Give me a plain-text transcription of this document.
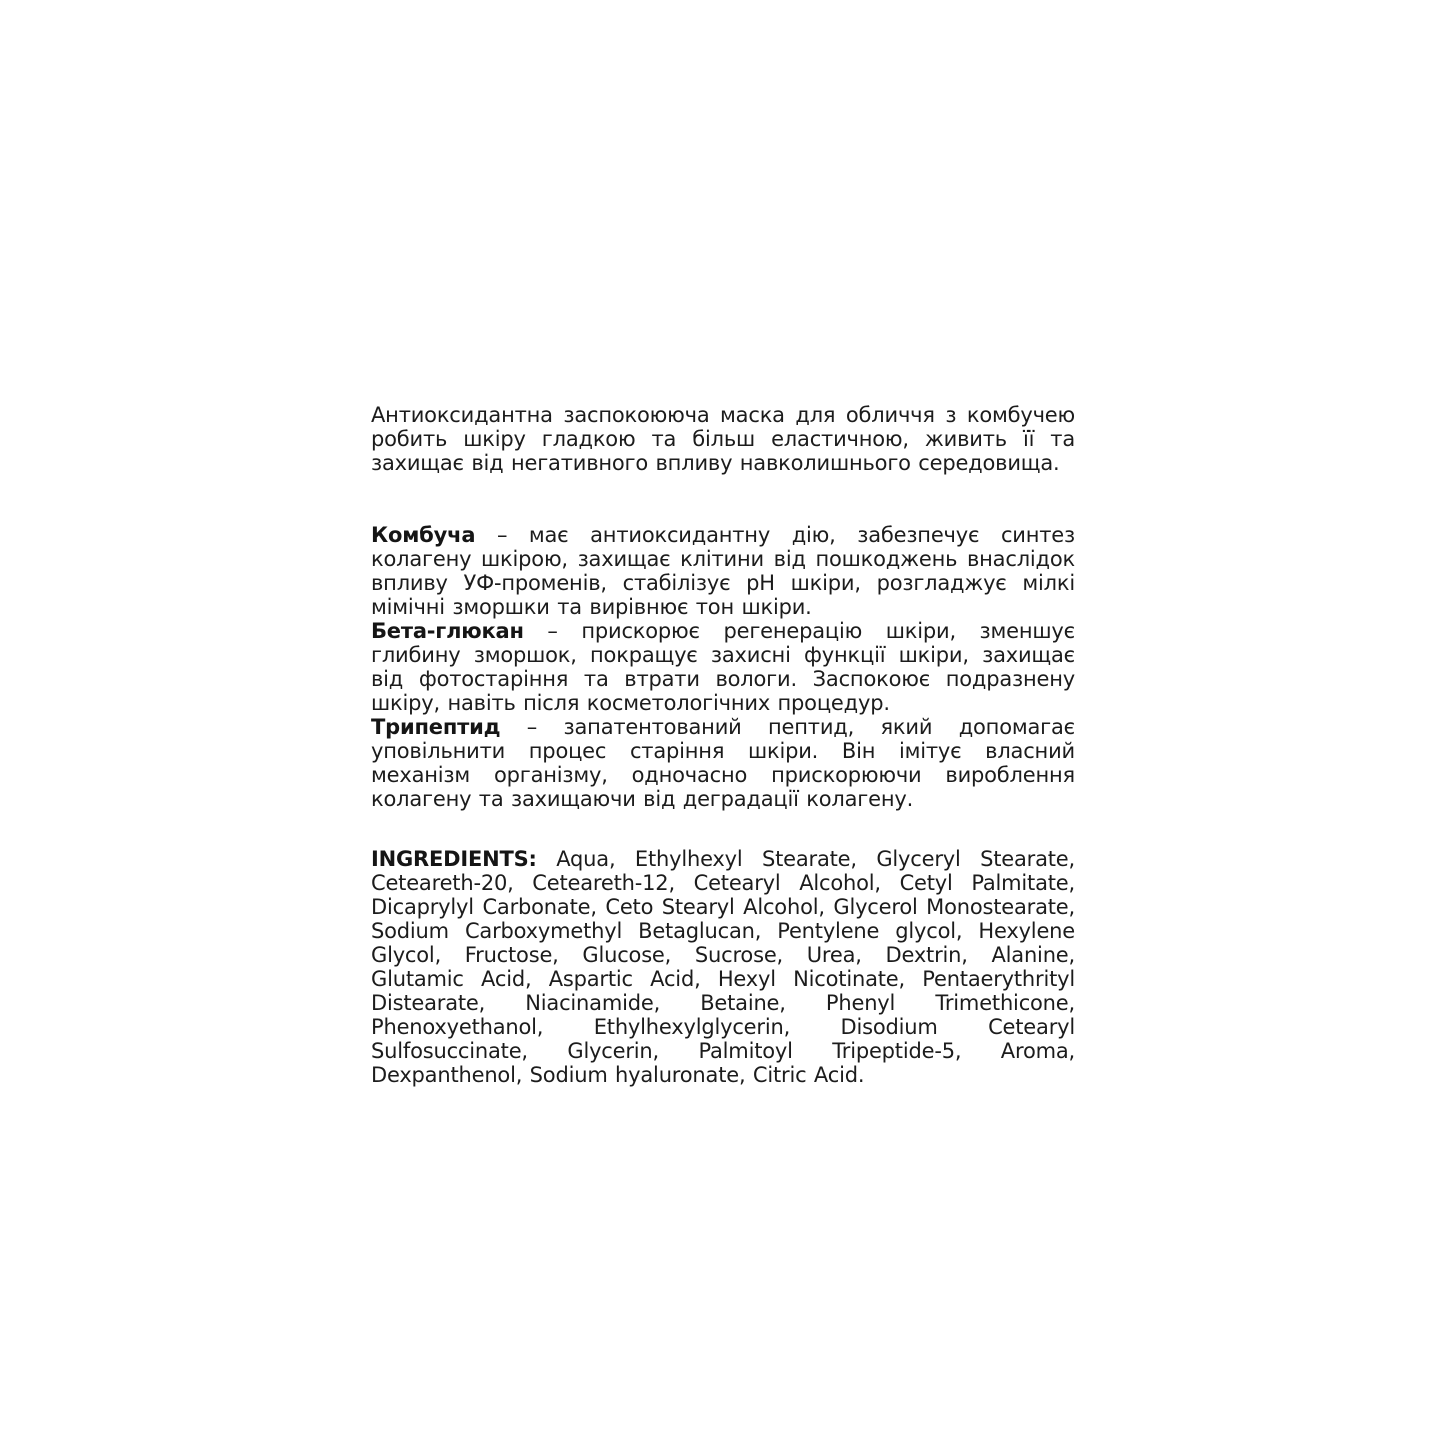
Антиоксидантна заспокоююча маска для обличчя з комбучею робить шкіру гладкою та більш еластичною, живить її та захищає від негативного впливу навколишнього середовища.

Комбуча – має антиоксидантну дію, забезпечує синтез колагену шкірою, захищає клітини від пошкоджень внаслідок впливу УФ-променів, стабілізує pH шкіри, розгладжує мілкі мімічні зморшки та вирівнює тон шкіри.

Бета-глюкан – прискорює регенерацію шкіри, зменшує глибину зморшок, покращує захисні функції шкіри, захищає від фотостаріння та втрати вологи. Заспокоює подразнену шкіру, навіть після косметологічних процедур.

Трипептид – запатентований пептид, який допомагає уповільнити процес старіння шкіри. Він імітує власний механізм організму, одночасно прискорюючи вироблення колагену та захищаючи від деградації колагену.

INGREDIENTS: Aqua, Ethylhexyl Stearate, Glyceryl Stearate, Ceteareth-20, Ceteareth-12, Cetearyl Alcohol, Cetyl Palmitate, Dicaprylyl Carbonate, Ceto Stearyl Alcohol, Glycerol Monostearate, Sodium Carboxymethyl Betaglucan, Pentylene glycol, Hexylene Glycol, Fructose, Glucose, Sucrose, Urea, Dextrin, Alanine, Glutamic Acid, Aspartic Acid, Hexyl Nicotinate, Pentaerythrityl Distearate, Niacinamide, Betaine, Phenyl Trimethicone, Phenoxyethanol, Ethylhexylglycerin, Disodium Cetearyl Sulfosuccinate, Glycerin, Palmitoyl Tripeptide-5, Aroma, Dexpanthenol, Sodium hyaluronate, Citric Acid.
